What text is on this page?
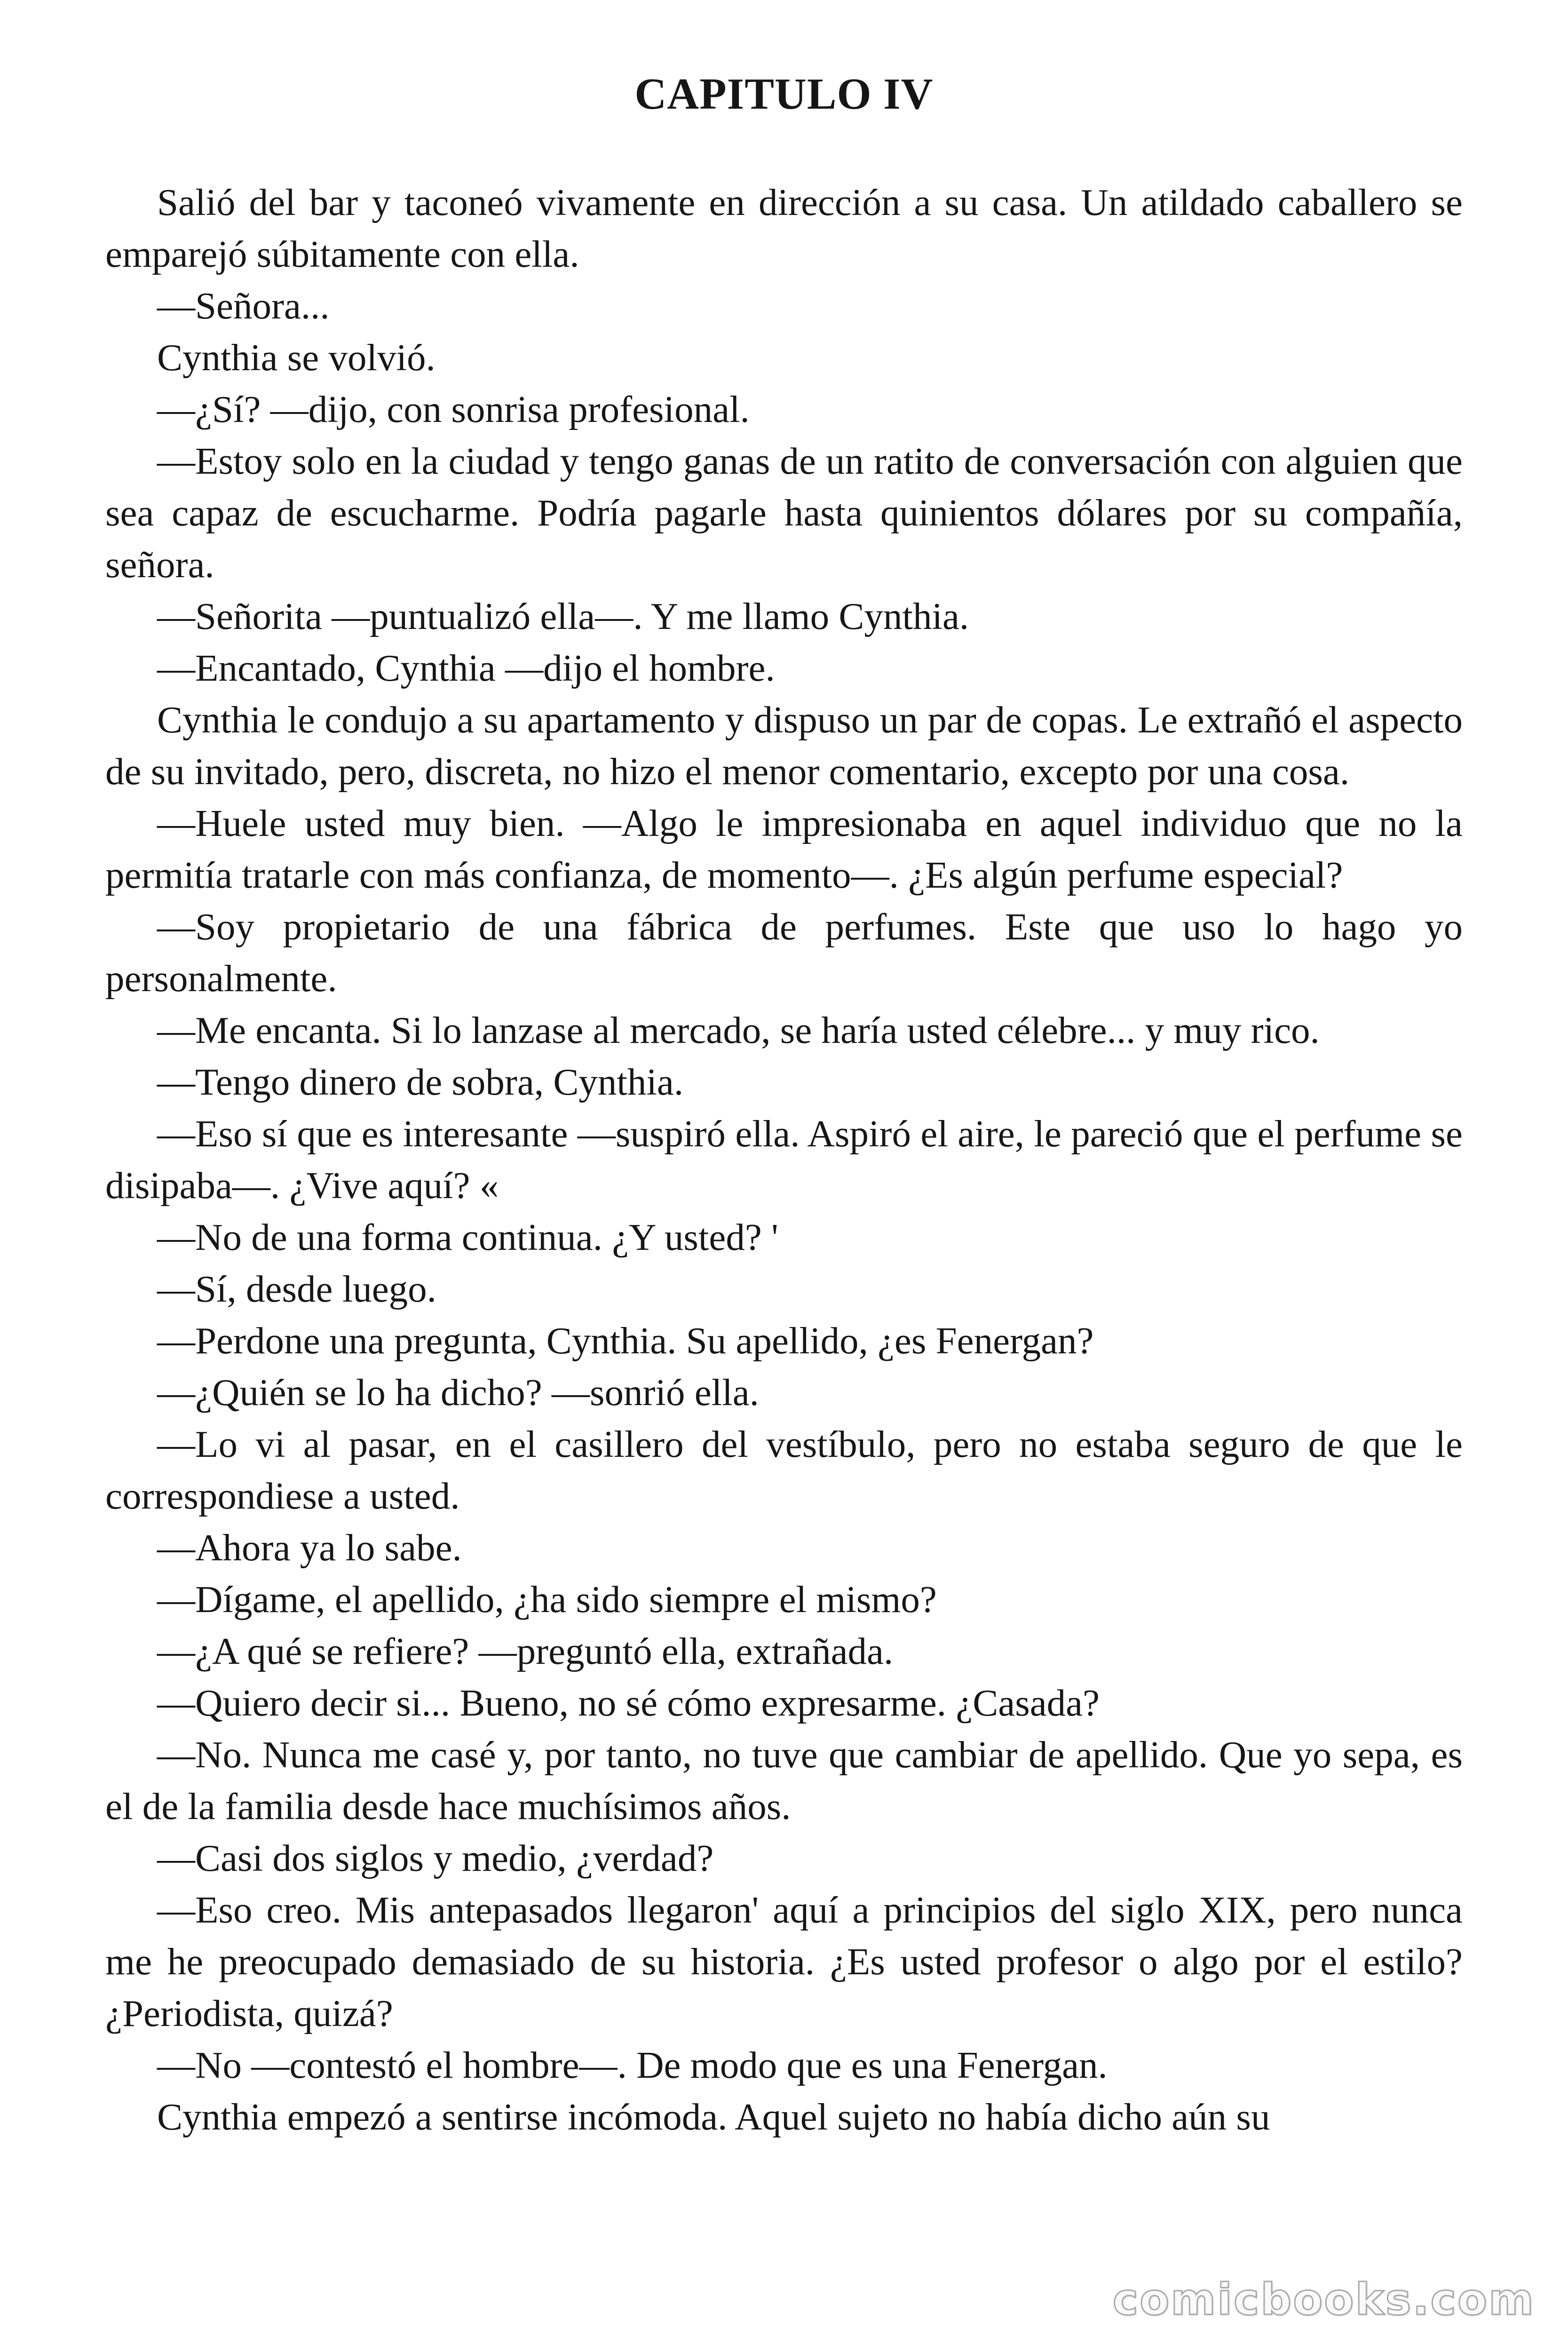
CAPITULO IV

Salió del bar y taconeó vivamente en dirección a su casa. Un atildado caballero se emparejó súbitamente con ella.

—Señora...

Cynthia se volvió.

—¿Sí? —dijo, con sonrisa profesional.

—Estoy solo en la ciudad y tengo ganas de un ratito de conversación con alguien que sea capaz de escucharme. Podría pagarle hasta quinientos dólares por su compañía, señora.

—Señorita —puntualizó ella—. Y me llamo Cynthia.

—Encantado, Cynthia —dijo el hombre.

Cynthia le condujo a su apartamento y dispuso un par de copas. Le extrañó el aspecto de su invitado, pero, discreta, no hizo el menor comentario, excepto por una cosa.

—Huele usted muy bien. —Algo le impresionaba en aquel individuo que no la permitía tratarle con más confianza, de momento—. ¿Es algún perfume especial?

—Soy propietario de una fábrica de perfumes. Este que uso lo hago yo personalmente.

—Me encanta. Si lo lanzase al mercado, se haría usted célebre... y muy rico.

—Tengo dinero de sobra, Cynthia.

—Eso sí que es interesante —suspiró ella. Aspiró el aire, le pareció que el perfume se disipaba—. ¿Vive aquí? «

—No de una forma continua. ¿Y usted? '

—Sí, desde luego.

—Perdone una pregunta, Cynthia. Su apellido, ¿es Fenergan?

—¿Quién se lo ha dicho? —sonrió ella.

—Lo vi al pasar, en el casillero del vestíbulo, pero no estaba seguro de que le correspondiese a usted.

—Ahora ya lo sabe.

—Dígame, el apellido, ¿ha sido siempre el mismo?

—¿A qué se refiere? —preguntó ella, extrañada.

—Quiero decir si... Bueno, no sé cómo expresarme. ¿Casada?

—No. Nunca me casé y, por tanto, no tuve que cambiar de apellido. Que yo sepa, es el de la familia desde hace muchísimos años.

—Casi dos siglos y medio, ¿verdad?

—Eso creo. Mis antepasados llegaron' aquí a principios del siglo XIX, pero nunca me he preocupado demasiado de su historia. ¿Es usted profesor o algo por el estilo? ¿Periodista, quizá?

—No —contestó el hombre—. De modo que es una Fenergan.

Cynthia empezó a sentirse incómoda. Aquel sujeto no había dicho aún su

comicbooks.com
